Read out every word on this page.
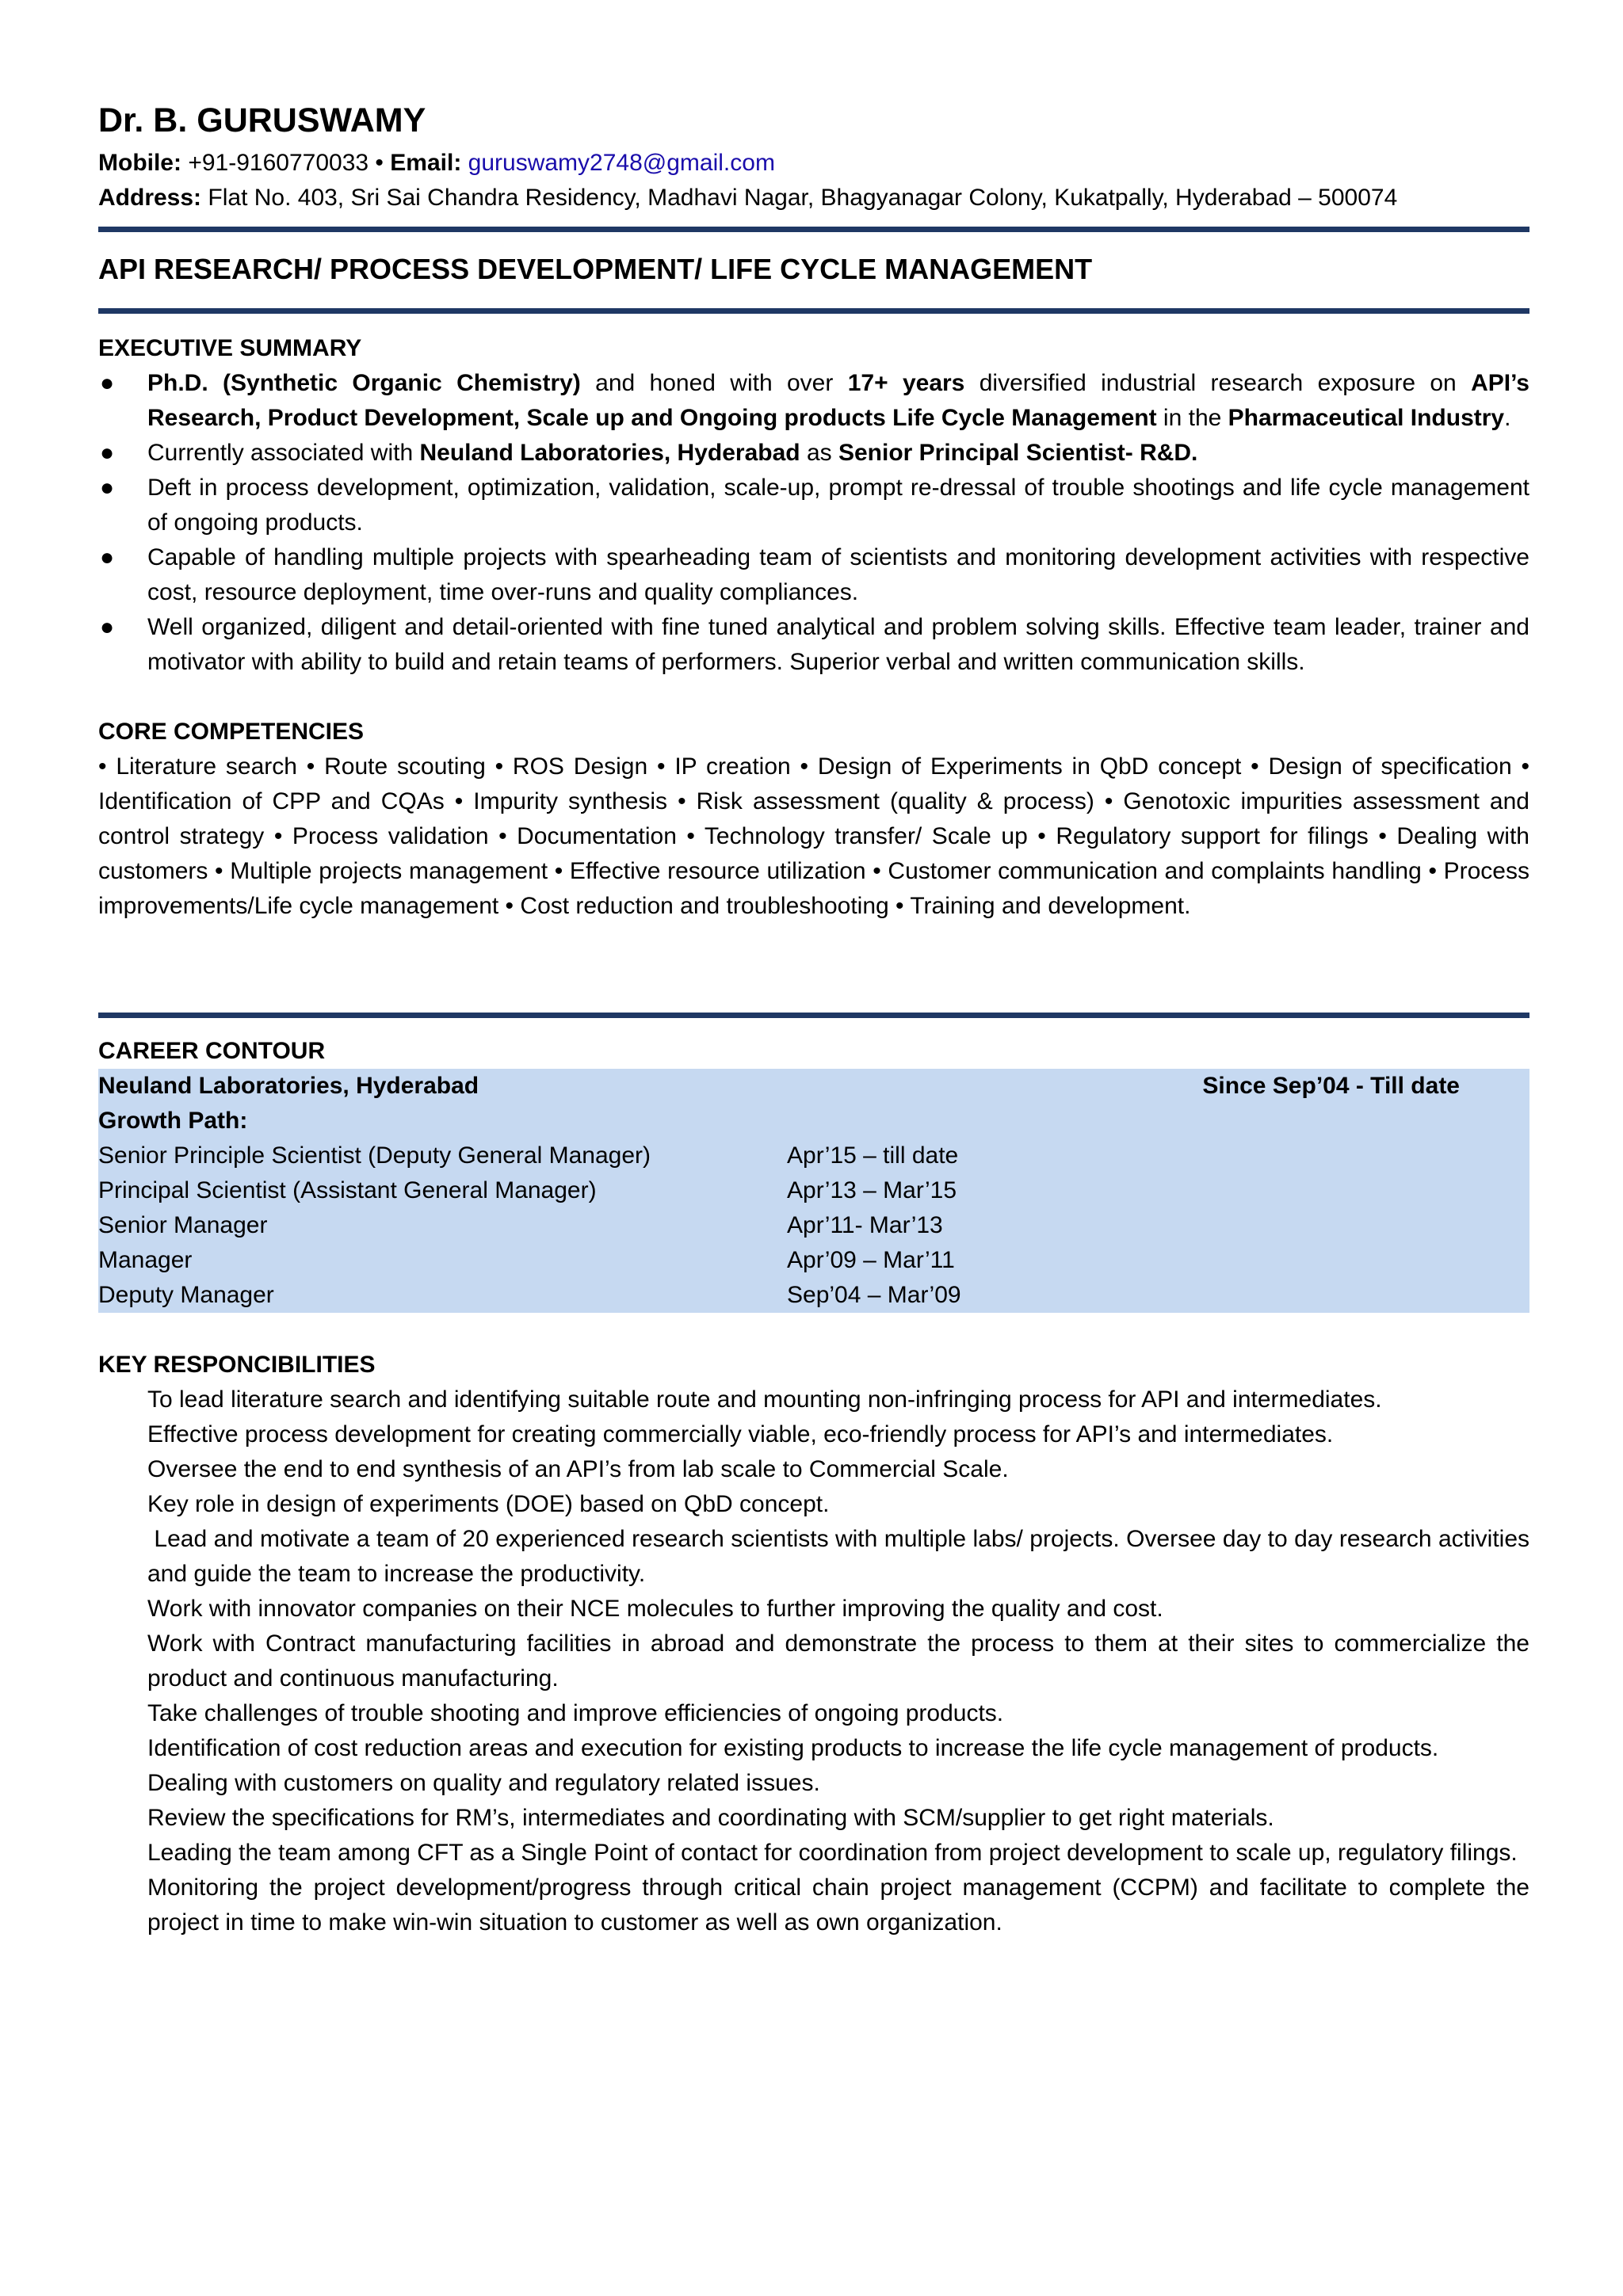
Dr. B. GURUSWAMY
Mobile: +91-9160770033 • Email: guruswamy2748@gmail.com
Address: Flat No. 403, Sri Sai Chandra Residency, Madhavi Nagar, Bhagyanagar Colony, Kukatpally, Hyderabad – 500074
API RESEARCH/ PROCESS DEVELOPMENT/ LIFE CYCLE MANAGEMENT
EXECUTIVE SUMMARY
● Ph.D. (Synthetic Organic Chemistry) and honed with over 17+ years diversified industrial research exposure on API’s Research, Product Development, Scale up and Ongoing products Life Cycle Management in the Pharmaceutical Industry.
● Currently associated with Neuland Laboratories, Hyderabad as Senior Principal Scientist- R&D.
● Deft in process development, optimization, validation, scale-up, prompt re-dressal of trouble shootings and life cycle management of ongoing products.
● Capable of handling multiple projects with spearheading team of scientists and monitoring development activities with respective cost, resource deployment, time over-runs and quality compliances.
● Well organized, diligent and detail-oriented with fine tuned analytical and problem solving skills. Effective team leader, trainer and motivator with ability to build and retain teams of performers. Superior verbal and written communication skills.
CORE COMPETENCIES
• Literature search • Route scouting • ROS Design • IP creation • Design of Experiments in QbD concept • Design of specification • Identification of CPP and CQAs • Impurity synthesis • Risk assessment (quality & process) • Genotoxic impurities assessment and control strategy • Process validation • Documentation • Technology transfer/ Scale up • Regulatory support for filings • Dealing with customers • Multiple projects management • Effective resource utilization • Customer communication and complaints handling • Process improvements/Life cycle management • Cost reduction and troubleshooting • Training and development.
CAREER CONTOUR
Neuland Laboratories, Hyderabad	Since Sep’04 - Till date
Growth Path:
Senior Principle Scientist (Deputy General Manager)	Apr’15 – till date
Principal Scientist (Assistant General Manager)	Apr’13 – Mar’15
Senior Manager	Apr’11- Mar’13
Manager	Apr’09 – Mar’11
Deputy Manager	Sep’04 – Mar’09
KEY RESPONCIBILITIES
To lead literature search and identifying suitable route and mounting non-infringing process for API and intermediates.
Effective process development for creating commercially viable, eco-friendly process for API’s and intermediates.
Oversee the end to end synthesis of an API’s from lab scale to Commercial Scale.
Key role in design of experiments (DOE) based on QbD concept.
Lead and motivate a team of 20 experienced research scientists with multiple labs/ projects. Oversee day to day research activities and guide the team to increase the productivity.
Work with innovator companies on their NCE molecules to further improving the quality and cost.
Work with Contract manufacturing facilities in abroad and demonstrate the process to them at their sites to commercialize the product and continuous manufacturing.
Take challenges of trouble shooting and improve efficiencies of ongoing products.
Identification of cost reduction areas and execution for existing products to increase the life cycle management of products.
Dealing with customers on quality and regulatory related issues.
Review the specifications for RM’s, intermediates and coordinating with SCM/supplier to get right materials.
Leading the team among CFT as a Single Point of contact for coordination from project development to scale up, regulatory filings.
Monitoring the project development/progress through critical chain project management (CCPM) and facilitate to complete the project in time to make win-win situation to customer as well as own organization.
